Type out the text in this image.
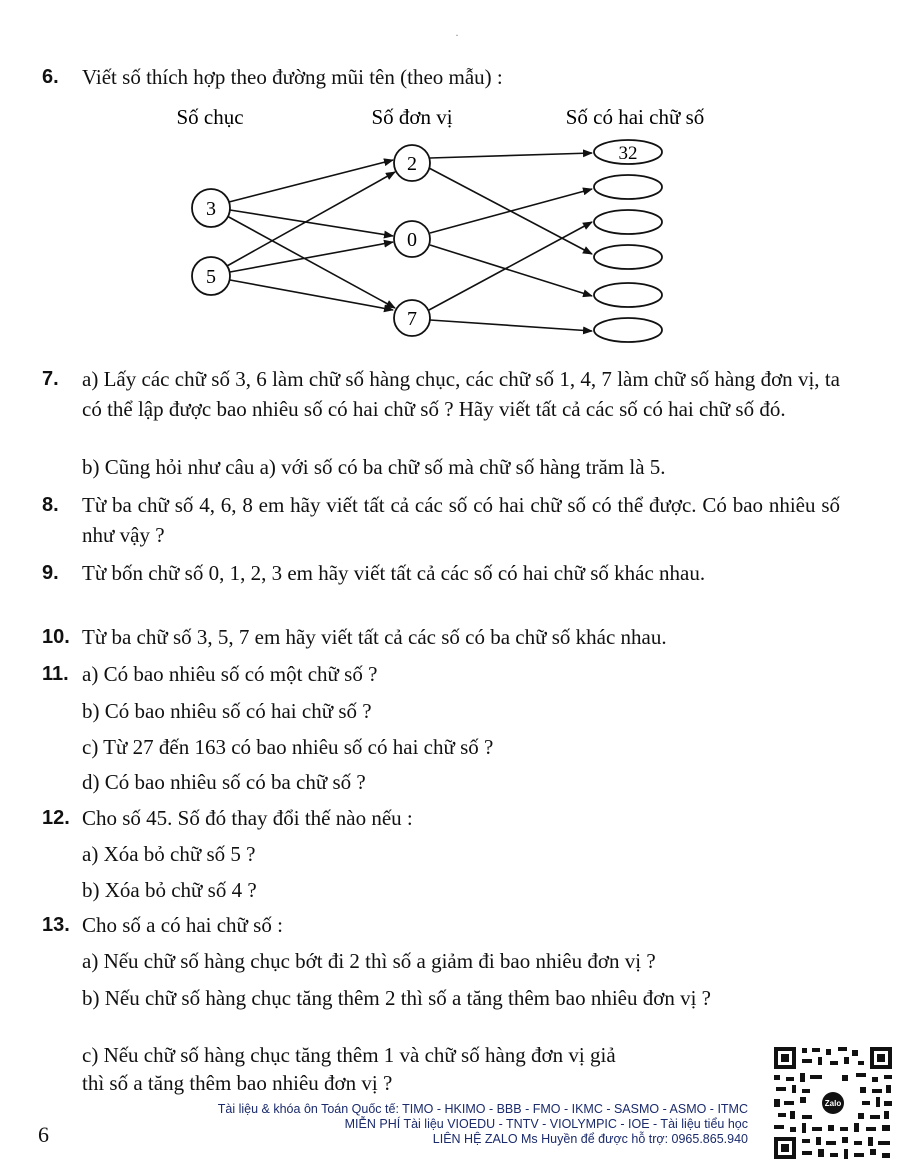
·
6. Viết số thích hợp theo đường mũi tên (theo mẫu) :
Số chục	Số đơn vị	Số có hai chữ số
3
5
2
0
7
32
7. a) Lấy các chữ số 3, 6 làm chữ số hàng chục, các chữ số 1, 4, 7 làm chữ số hàng đơn vị, ta có thể lập được bao nhiêu số có hai chữ số ? Hãy viết tất cả các số có hai chữ số đó.
b) Cũng hỏi như câu a) với số có ba chữ số mà chữ số hàng trăm là 5.
8. Từ ba chữ số 4, 6, 8 em hãy viết tất cả các số có hai chữ số có thể được. Có bao nhiêu số như vậy ?
9. Từ bốn chữ số 0, 1, 2, 3 em hãy viết tất cả các số có hai chữ số khác nhau.
10. Từ ba chữ số 3, 5, 7 em hãy viết tất cả các số có ba chữ số khác nhau.
11. a) Có bao nhiêu số có một chữ số ?
b) Có bao nhiêu số có hai chữ số ?
c) Từ 27 đến 163 có bao nhiêu số có hai chữ số ?
d) Có bao nhiêu số có ba chữ số ?
12. Cho số 45. Số đó thay đổi thế nào nếu :
a) Xóa bỏ chữ số 5 ?
b) Xóa bỏ chữ số 4 ?
13. Cho số a có hai chữ số :
a) Nếu chữ số hàng chục bớt đi 2 thì số a giảm đi bao nhiêu đơn vị ?
b) Nếu chữ số hàng chục tăng thêm 2 thì số a tăng thêm bao nhiêu đơn vị ?
c) Nếu chữ số hàng chục tăng thêm 1 và chữ số hàng đơn vị giả
thì số a tăng thêm bao nhiêu đơn vị ?
Tài liệu & khóa ôn Toán Quốc tế: TIMO - HKIMO - BBB - FMO - IKMC - SASMO - ASMO - ITMC
MIỄN PHÍ Tài liệu VIOEDU - TNTV - VIOLYMPIC - IOE - Tài liệu tiểu học
LIÊN HỆ ZALO Ms Huyền để được hỗ trợ: 0965.865.940
6
Zalo
